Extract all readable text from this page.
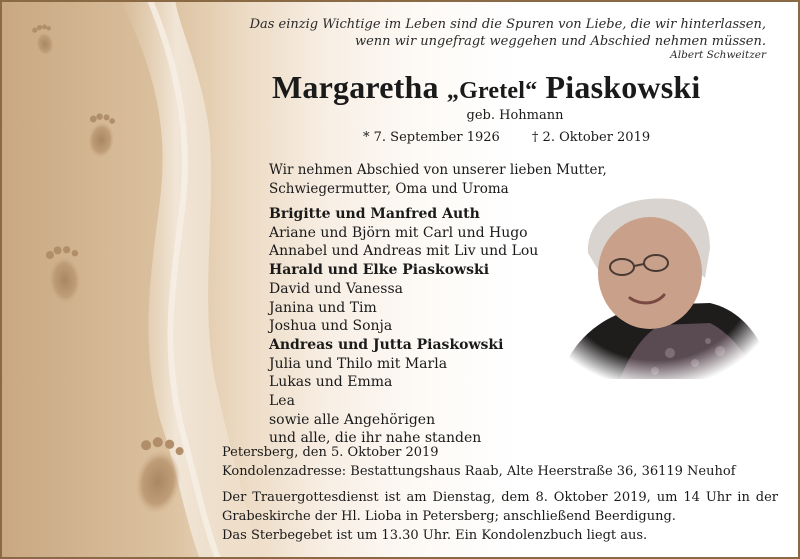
Das einzig Wichtige im Leben sind die Spuren von Liebe, die wir hinterlassen,
wenn wir ungefragt weggehen und Abschied nehmen müssen.
Albert Schweitzer
Margaretha „Gretel“ Piaskowski
geb. Hohmann
* 7. September 1926 † 2. Oktober 2019
Wir nehmen Abschied von unserer lieben Mutter,
Schwiegermutter, Oma und Uroma
Brigitte und Manfred Auth
Ariane und Björn mit Carl und Hugo
Annabel und Andreas mit Liv und Lou
Harald und Elke Piaskowski
David und Vanessa
Janina und Tim
Joshua und Sonja
Andreas und Jutta Piaskowski
Julia und Thilo mit Marla
Lukas und Emma
Lea
sowie alle Angehörigen
und alle, die ihr nahe standen
Petersberg, den 5. Oktober 2019
Kondolenzadresse: Bestattungshaus Raab, Alte Heerstraße 36, 36119 Neuhof

Der Trauergottesdienst ist am Dienstag, dem 8. Oktober 2019, um 14 Uhr in der

Grabeskirche der Hl. Lioba in Petersberg; anschließend Beerdigung.

Das Sterbegebet ist um 13.30 Uhr. Ein Kondolenzbuch liegt aus.
